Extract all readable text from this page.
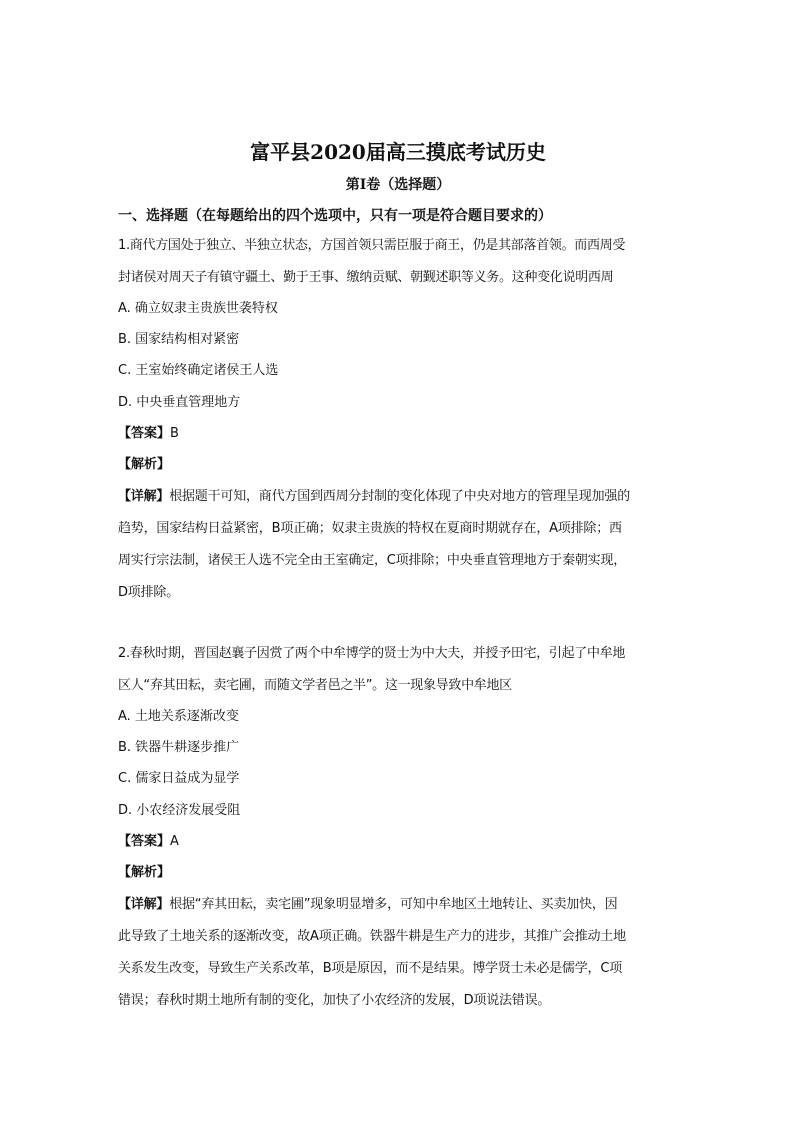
富平县2020届高三摸底考试历史
第Ⅰ卷（选择题）
一、选择题（在每题给出的四个选项中，只有一项是符合题目要求的）
1.商代方国处于独立、半独立状态，方国首领只需臣服于商王，仍是其部落首领。而西周受
封诸侯对周天子有镇守疆土、勤于王事、缴纳贡赋、朝觐述职等义务。这种变化说明西周
A. 确立奴隶主贵族世袭特权
B. 国家结构相对紧密
C. 王室始终确定诸侯王人选
D. 中央垂直管理地方
【答案】B
【解析】

【详解】根据题干可知，商代方国到西周分封制的变化体现了中央对地方的管理呈现加强的

趋势，国家结构日益紧密，B项正确；奴隶主贵族的特权在夏商时期就存在，A项排除；西

周实行宗法制，诸侯王人选不完全由王室确定，C项排除；中央垂直管理地方于秦朝实现，

D项排除。

2.春秋时期，晋国赵襄子因赏了两个中牟博学的贤士为中大夫，并授予田宅，引起了中牟地
区人“弃其田耘，卖宅圃，而随文学者邑之半”。这一现象导致中牟地区
A. 土地关系逐渐改变
B. 铁器牛耕逐步推广
C. 儒家日益成为显学
D. 小农经济发展受阻
【答案】A
【解析】

【详解】根据“弃其田耘，卖宅圃”现象明显增多，可知中牟地区土地转让、买卖加快，因

此导致了土地关系的逐渐改变，故A项正确。铁器牛耕是生产力的进步，其推广会推动土地

关系发生改变，导致生产关系改革，B项是原因，而不是结果。博学贤士未必是儒学，C项

错误；春秋时期土地所有制的变化，加快了小农经济的发展，D项说法错误。
